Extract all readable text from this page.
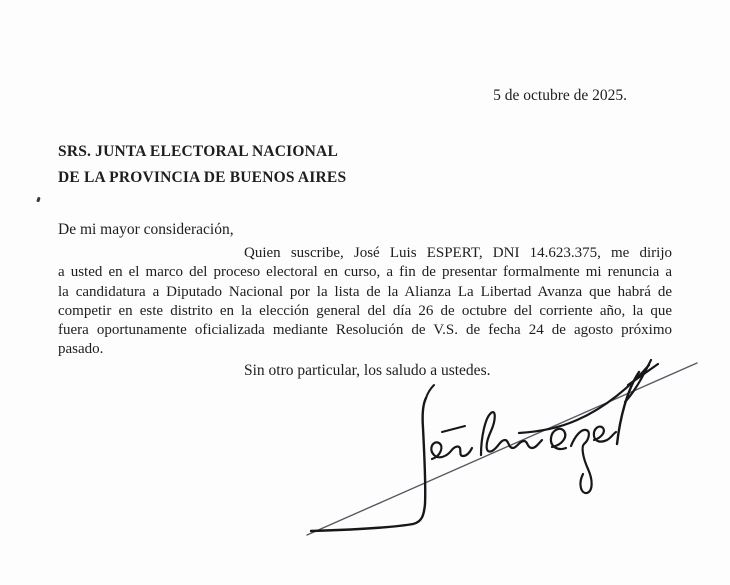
5 de octubre de 2025.
SRS. JUNTA ELECTORAL NACIONAL
DE LA PROVINCIA DE BUENOS AIRES
De mi mayor consideración,
Quien suscribe, José Luis ESPERT, DNI 14.623.375, me dirijo
a usted en el marco del proceso electoral en curso, a fin de presentar formalmente mi renuncia a
la candidatura a Diputado Nacional por la lista de la Alianza La Libertad Avanza que habrá de
competir en este distrito en la elección general del día 26 de octubre del corriente año, la que
fuera oportunamente oficializada mediante Resolución de V.S. de fecha 24 de agosto próximo
pasado.
Sin otro particular, los saludo a ustedes.
